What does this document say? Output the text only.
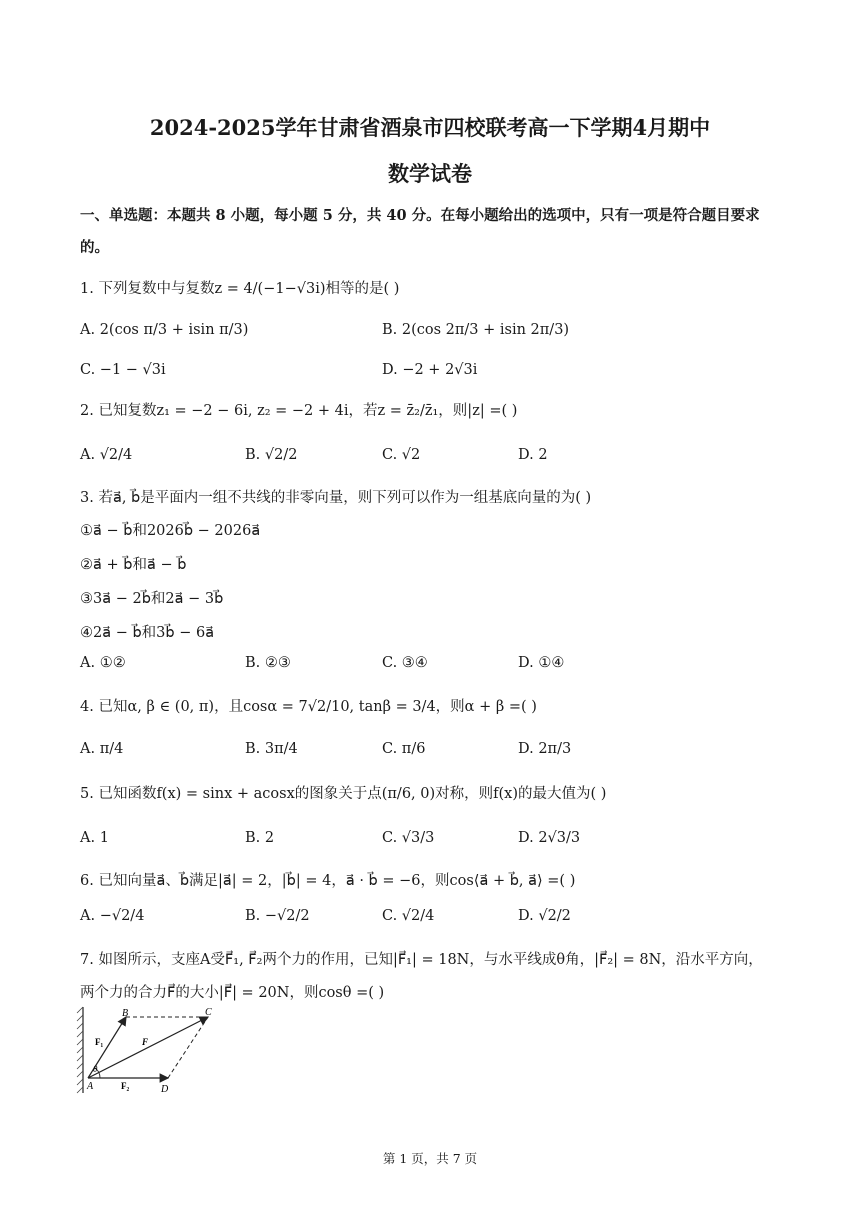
2024-2025学年甘肃省酒泉市四校联考高一下学期4月期中
数学试卷
一、单选题：本题共 8 小题，每小题 5 分，共 40 分。在每小题给出的选项中，只有一项是符合题目要求
的。
1. 下列复数中与复数z = 4/(−1−√3i)相等的是( )
A. 2(cos π/3 + isin π/3)	B. 2(cos 2π/3 + isin 2π/3)
C. −1 − √3i	D. −2 + 2√3i
2. 已知复数z₁ = −2 − 6i, z₂ = −2 + 4i，若z = z̄₂/z̄₁，则|z| =( )
A. √2/4	B. √2/2	C. √2	D. 2
3. 若a⃗, b⃗是平面内一组不共线的非零向量，则下列可以作为一组基底向量的为( )
①a⃗ − b⃗和2026b⃗ − 2026a⃗
②a⃗ + b⃗和a⃗ − b⃗
③3a⃗ − 2b⃗和2a⃗ − 3b⃗
④2a⃗ − b⃗和3b⃗ − 6a⃗
A. ①②	B. ②③	C. ③④	D. ①④
4. 已知α, β ∈ (0, π)，且cosα = 7√2/10, tanβ = 3/4，则α + β =( )
A. π/4	B. 3π/4	C. π/6	D. 2π/3
5. 已知函数f(x) = sinx + acosx的图象关于点(π/6, 0)对称，则f(x)的最大值为( )
A. 1	B. 2	C. √3/3	D. 2√3/3
6. 已知向量a⃗、b⃗满足|a⃗| = 2，|b⃗| = 4，a⃗ · b⃗ = −6，则cos⟨a⃗ + b⃗, a⃗⟩ =( )
A. −√2/4	B. −√2/2	C. √2/4	D. √2/2
7. 如图所示，支座A受F⃗₁, F⃗₂两个力的作用，已知|F⃗₁| = 18N，与水平线成θ角，|F⃗₂| = 8N，沿水平方向，
两个力的合力F⃗的大小|F⃗| = 20N，则cosθ =( )
B	C
A	D
F₁	F
F₂
θ
第 1 页，共 7 页
